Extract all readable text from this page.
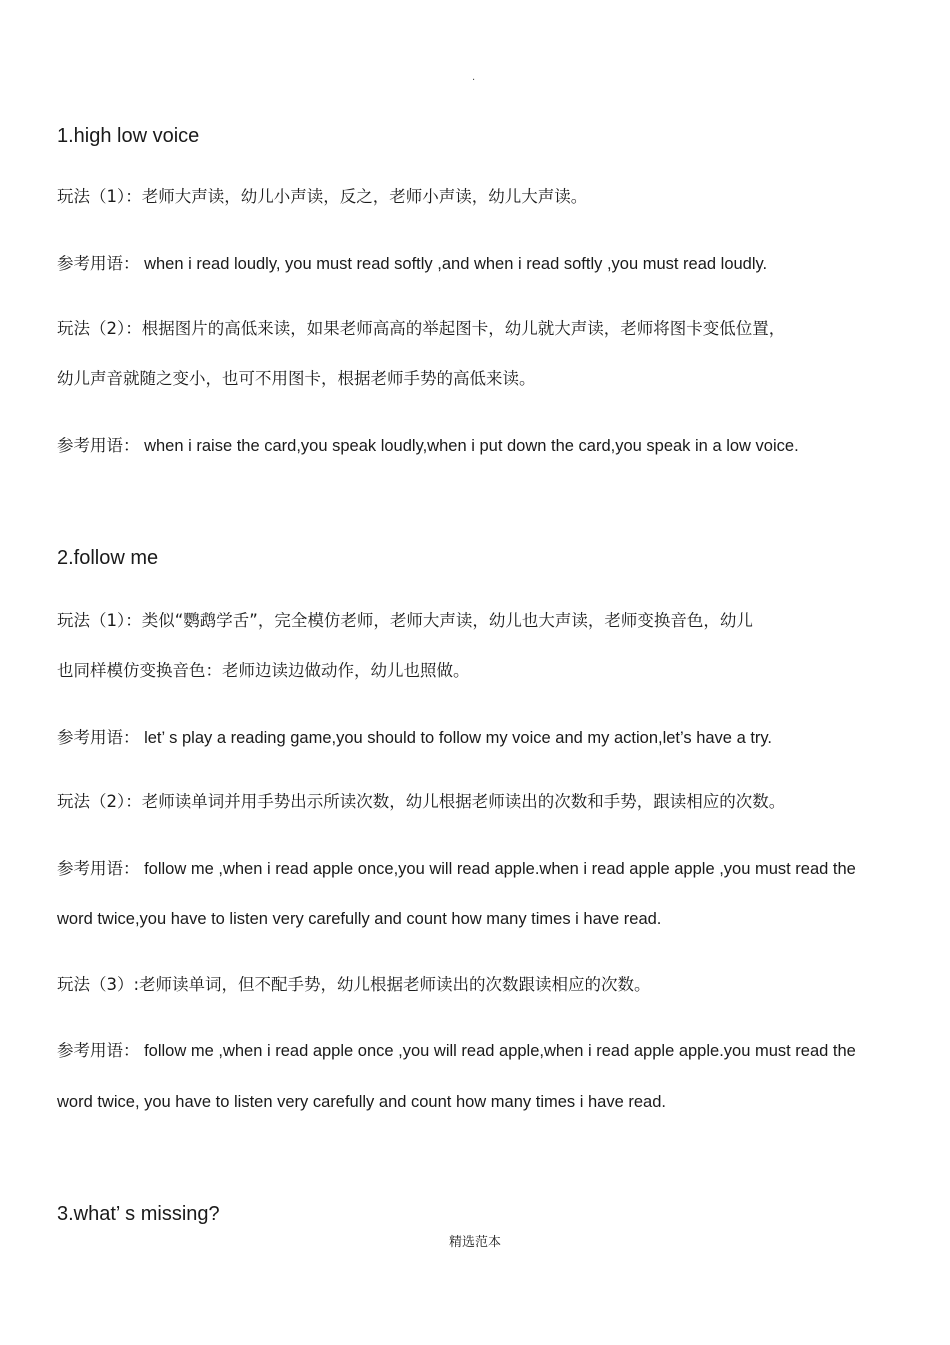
.
1.high low voice
玩法（1）：老师大声读，幼儿小声读，反之，老师小声读，幼儿大声读。
参考用语： when i read loudly, you must read softly ,and when i read softly ,you must read loudly.
玩法（2）：根据图片的高低来读，如果老师高高的举起图卡，幼儿就大声读，老师将图卡变低位置，
幼儿声音就随之变小，也可不用图卡，根据老师手势的高低来读。
参考用语： when i raise the card,you speak loudly,when i put down the card,you speak in a low voice.
2.follow me
玩法（1）：类似“鹦鹉学舌”，完全模仿老师，老师大声读，幼儿也大声读，老师变换音色，幼儿
也同样模仿变换音色：老师边读边做动作，幼儿也照做。
参考用语： let’ s play a reading game,you should to follow my voice and my action,let’s have a try.
玩法（2）：老师读单词并用手势出示所读次数，幼儿根据老师读出的次数和手势，跟读相应的次数。
参考用语： follow me ,when i read apple once,you will read apple.when i read apple apple ,you must read the
word twice,you have to listen very carefully and count how many times i have read.
玩法（3）:老师读单词，但不配手势，幼儿根据老师读出的次数跟读相应的次数。
参考用语： follow me ,when i read apple once ,you will read apple,when i read apple apple.you must read the
word twice, you have to listen very carefully and count how many times i have read.
3.what’ s missing?
精选范本
